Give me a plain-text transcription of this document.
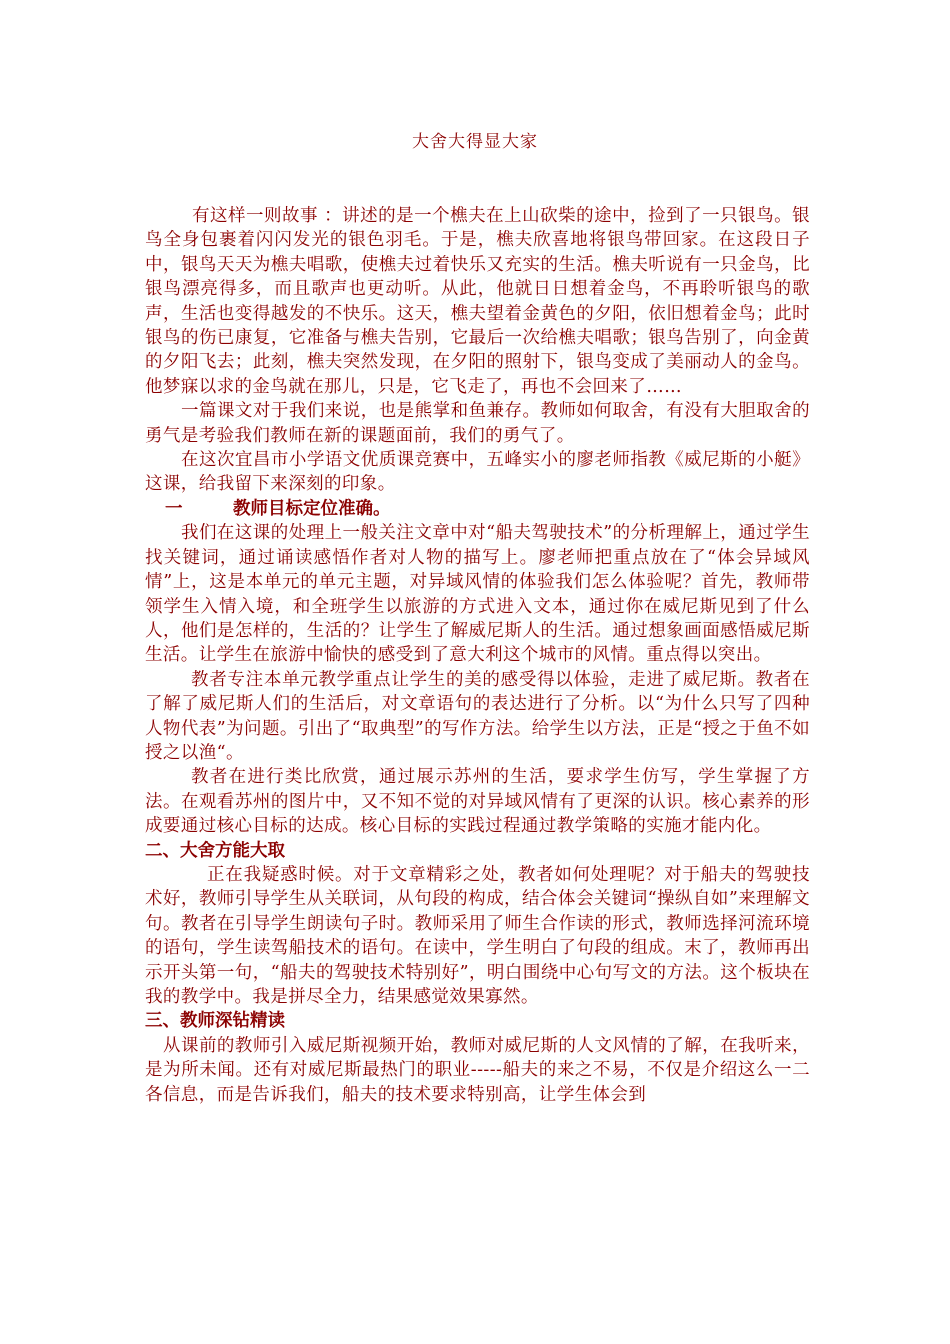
大舍大得显大家

有这样一则故事 ：讲述的是一个樵夫在上山砍柴的途中，捡到了一只银鸟。银鸟全身包裹着闪闪发光的银色羽毛。于是，樵夫欣喜地将银鸟带回家。在这段日子中，银鸟天天为樵夫唱歌，使樵夫过着快乐又充实的生活。樵夫听说有一只金鸟，比银鸟漂亮得多，而且歌声也更动听。从此，他就日日想着金鸟，不再聆听银鸟的歌声，生活也变得越发的不快乐。这天，樵夫望着金黄色的夕阳，依旧想着金鸟；此时银鸟的伤已康复，它准备与樵夫告别，它最后一次给樵夫唱歌；银鸟告别了，向金黄的夕阳飞去；此刻，樵夫突然发现，在夕阳的照射下，银鸟变成了美丽动人的金鸟。他梦寐以求的金鸟就在那儿，只是，它飞走了，再也不会回来了……

一篇课文对于我们来说，也是熊掌和鱼兼存。教师如何取舍，有没有大胆取舍的勇气是考验我们教师在新的课题面前，我们的勇气了。

在这次宜昌市小学语文优质课竞赛中，五峰实小的廖老师指教《威尼斯的小艇》这课，给我留下来深刻的印象。

一	教师目标定位准确。

我们在这课的处理上一般关注文章中对“船夫驾驶技术”的分析理解上，通过学生找关键词，通过诵读感悟作者对人物的描写上。廖老师把重点放在了“体会异域风情”上，这是本单元的单元主题，对异域风情的体验我们怎么体验呢？首先，教师带领学生入情入境，和全班学生以旅游的方式进入文本，通过你在威尼斯见到了什么人，他们是怎样的，生活的？让学生了解威尼斯人的生活。通过想象画面感悟威尼斯生活。让学生在旅游中愉快的感受到了意大利这个城市的风情。重点得以突出。

教者专注本单元教学重点让学生的美的感受得以体验，走进了威尼斯。教者在了解了威尼斯人们的生活后，对文章语句的表达进行了分析。以“为什么只写了四种人物代表”为问题。引出了“取典型”的写作方法。给学生以方法，正是“授之于鱼不如授之以渔“。

教者在进行类比欣赏，通过展示苏州的生活，要求学生仿写，学生掌握了方法。在观看苏州的图片中，又不知不觉的对异域风情有了更深的认识。核心素养的形成要通过核心目标的达成。核心目标的实践过程通过教学策略的实施才能内化。

二、大舍方能大取

正在我疑惑时候。对于文章精彩之处，教者如何处理呢？对于船夫的驾驶技术好，教师引导学生从关联词，从句段的构成，结合体会关键词“操纵自如”来理解文句。教者在引导学生朗读句子时。教师采用了师生合作读的形式，教师选择河流环境的语句，学生读驾船技术的语句。在读中，学生明白了句段的组成。末了，教师再出示开头第一句，“船夫的驾驶技术特别好”，明白围绕中心句写文的方法。这个板块在我的教学中。我是拼尽全力，结果感觉效果寡然。

三、教师深钻精读

从课前的教师引入威尼斯视频开始，教师对威尼斯的人文风情的了解，在我听来，是为所未闻。还有对威尼斯最热门的职业-----船夫的来之不易，不仅是介绍这么一二各信息，而是告诉我们，船夫的技术要求特别高，让学生体会到
